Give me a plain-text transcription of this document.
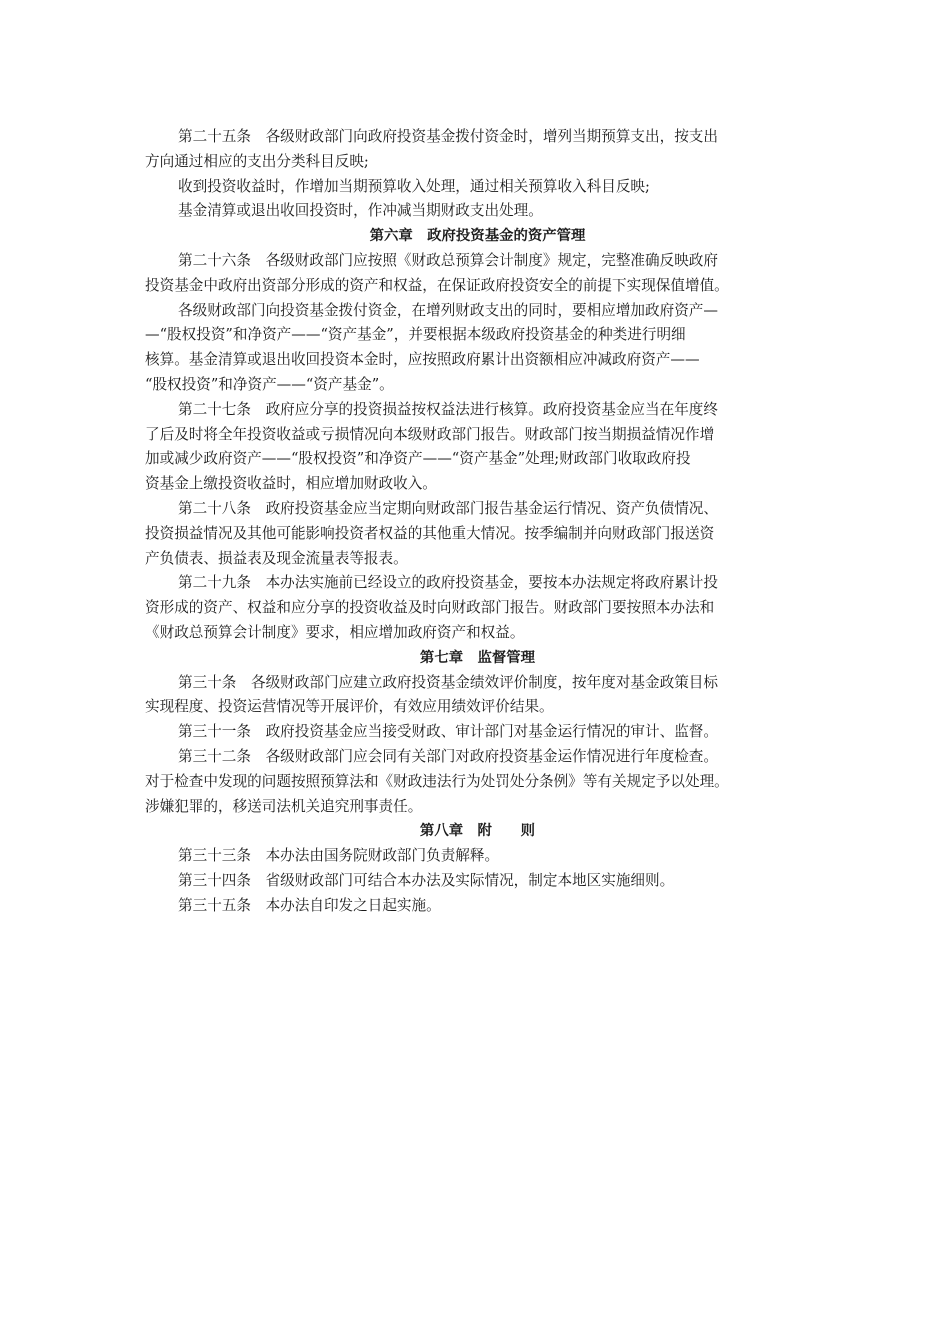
第二十五条　各级财政部门向政府投资基金拨付资金时，增列当期预算支出，按支出
方向通过相应的支出分类科目反映;
收到投资收益时，作增加当期预算收入处理，通过相关预算收入科目反映;
基金清算或退出收回投资时，作冲减当期财政支出处理。
第六章　政府投资基金的资产管理
第二十六条　各级财政部门应按照《财政总预算会计制度》规定，完整准确反映政府
投资基金中政府出资部分形成的资产和权益，在保证政府投资安全的前提下实现保值增值。
各级财政部门向投资基金拨付资金，在增列财政支出的同时，要相应增加政府资产—
—“股权投资”和净资产——“资产基金”，并要根据本级政府投资基金的种类进行明细
核算。基金清算或退出收回投资本金时，应按照政府累计出资额相应冲减政府资产——
“股权投资”和净资产——“资产基金”。
第二十七条　政府应分享的投资损益按权益法进行核算。政府投资基金应当在年度终
了后及时将全年投资收益或亏损情况向本级财政部门报告。财政部门按当期损益情况作增
加或减少政府资产——“股权投资”和净资产——“资产基金”处理;财政部门收取政府投
资基金上缴投资收益时，相应增加财政收入。
第二十八条　政府投资基金应当定期向财政部门报告基金运行情况、资产负债情况、
投资损益情况及其他可能影响投资者权益的其他重大情况。按季编制并向财政部门报送资
产负债表、损益表及现金流量表等报表。
第二十九条　本办法实施前已经设立的政府投资基金，要按本办法规定将政府累计投
资形成的资产、权益和应分享的投资收益及时向财政部门报告。财政部门要按照本办法和
《财政总预算会计制度》要求，相应增加政府资产和权益。
第七章　监督管理
第三十条　各级财政部门应建立政府投资基金绩效评价制度，按年度对基金政策目标
实现程度、投资运营情况等开展评价，有效应用绩效评价结果。
第三十一条　政府投资基金应当接受财政、审计部门对基金运行情况的审计、监督。
第三十二条　各级财政部门应会同有关部门对政府投资基金运作情况进行年度检查。
对于检查中发现的问题按照预算法和《财政违法行为处罚处分条例》等有关规定予以处理。
涉嫌犯罪的，移送司法机关追究刑事责任。
第八章　附　　则
第三十三条　本办法由国务院财政部门负责解释。
第三十四条　省级财政部门可结合本办法及实际情况，制定本地区实施细则。
第三十五条　本办法自印发之日起实施。
